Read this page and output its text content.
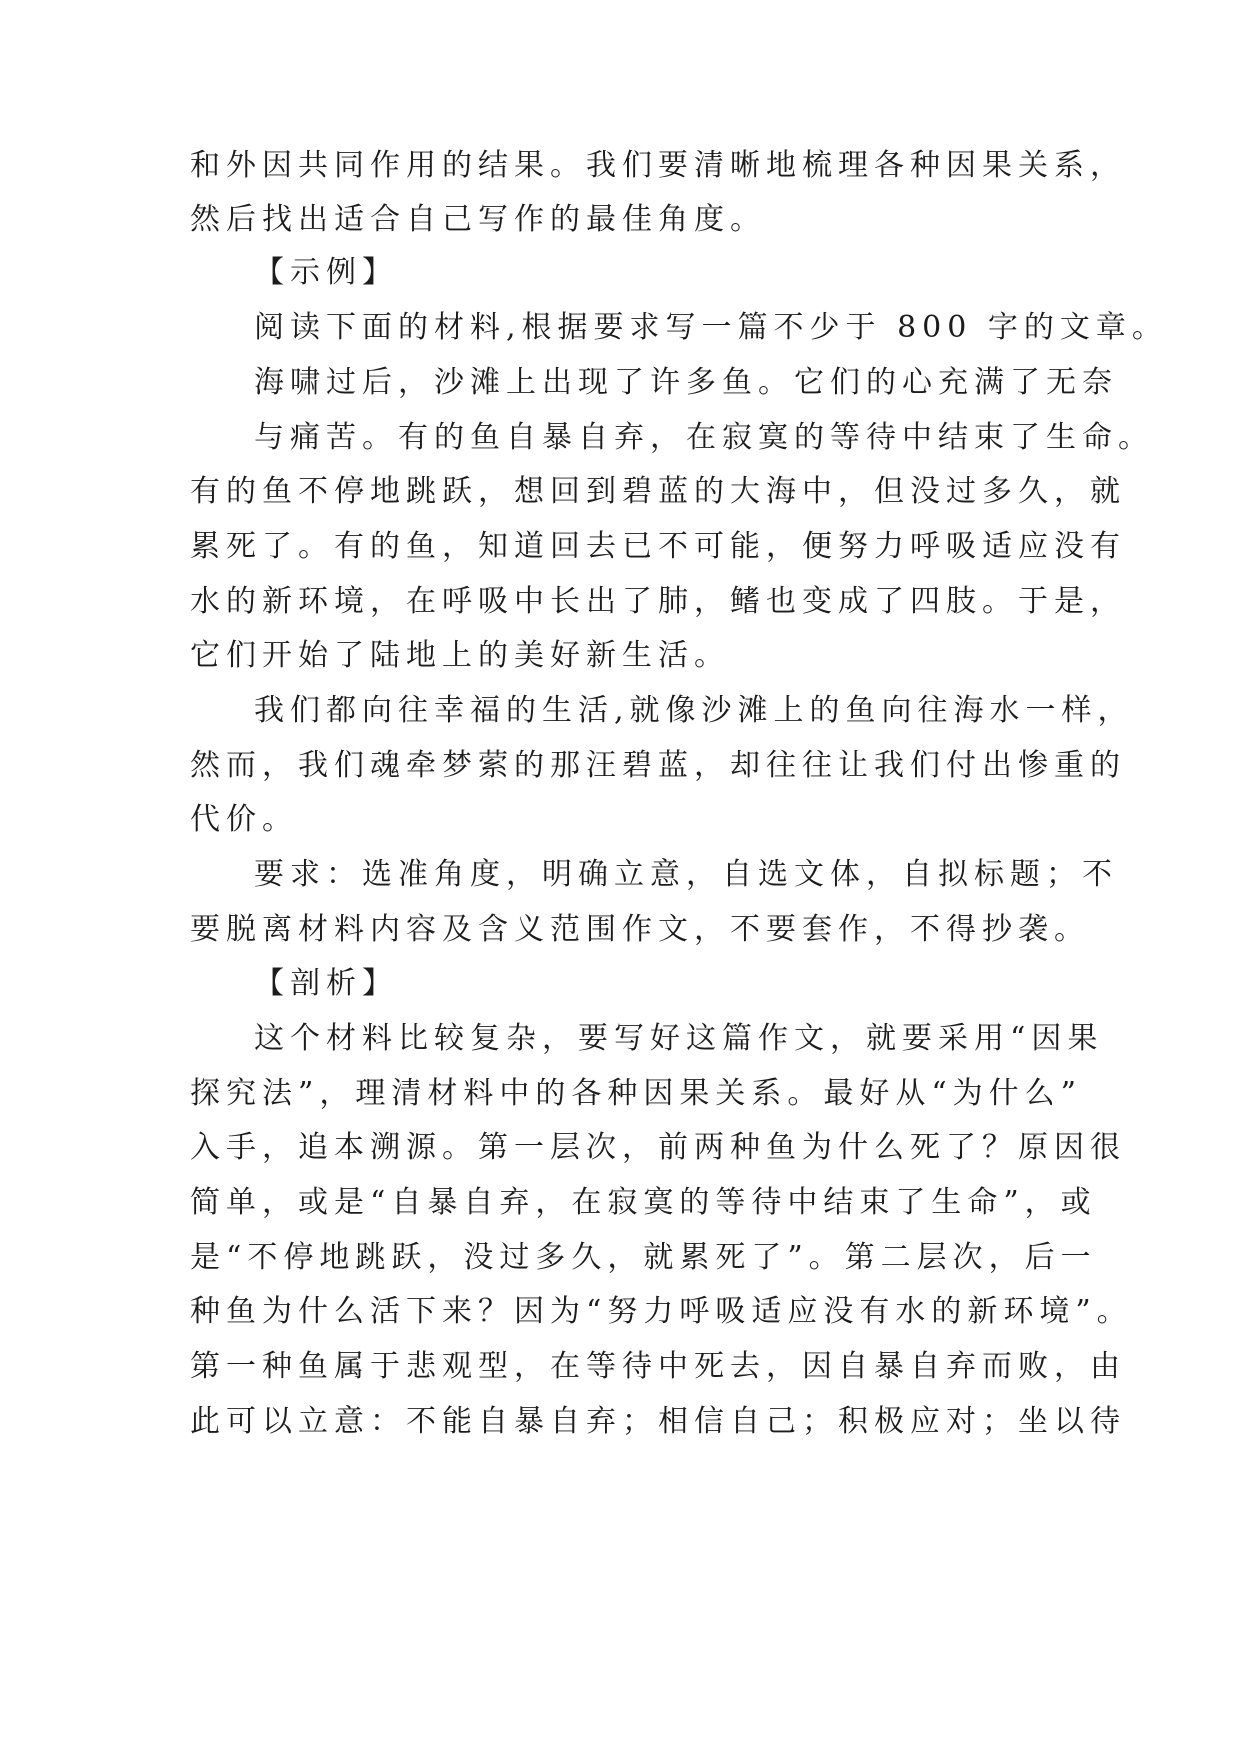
和外因共同作用的结果。我们要清晰地梳理各种因果关系，
然后找出适合自己写作的最佳角度。
【示例】
阅读下面的材料,根据要求写一篇不少于 800 字的文章。
海啸过后，沙滩上出现了许多鱼。它们的心充满了无奈
与痛苦。有的鱼自暴自弃，在寂寞的等待中结束了生命。
有的鱼不停地跳跃，想回到碧蓝的大海中，但没过多久，就
累死了。有的鱼，知道回去已不可能，便努力呼吸适应没有
水的新环境，在呼吸中长出了肺，鳍也变成了四肢。于是，
它们开始了陆地上的美好新生活。
我们都向往幸福的生活,就像沙滩上的鱼向往海水一样，
然而，我们魂牵梦萦的那汪碧蓝，却往往让我们付出惨重的
代价。
要求：选准角度，明确立意，自选文体，自拟标题；不
要脱离材料内容及含义范围作文，不要套作，不得抄袭。
【剖析】
这个材料比较复杂，要写好这篇作文，就要采用“因果
探究法”，理清材料中的各种因果关系。最好从“为什么”
入手，追本溯源。第一层次，前两种鱼为什么死了？原因很
简单，或是“自暴自弃，在寂寞的等待中结束了生命”，或
是“不停地跳跃，没过多久，就累死了”。第二层次，后一
种鱼为什么活下来？因为“努力呼吸适应没有水的新环境”。
第一种鱼属于悲观型，在等待中死去，因自暴自弃而败，由
此可以立意：不能自暴自弃；相信自己；积极应对；坐以待
